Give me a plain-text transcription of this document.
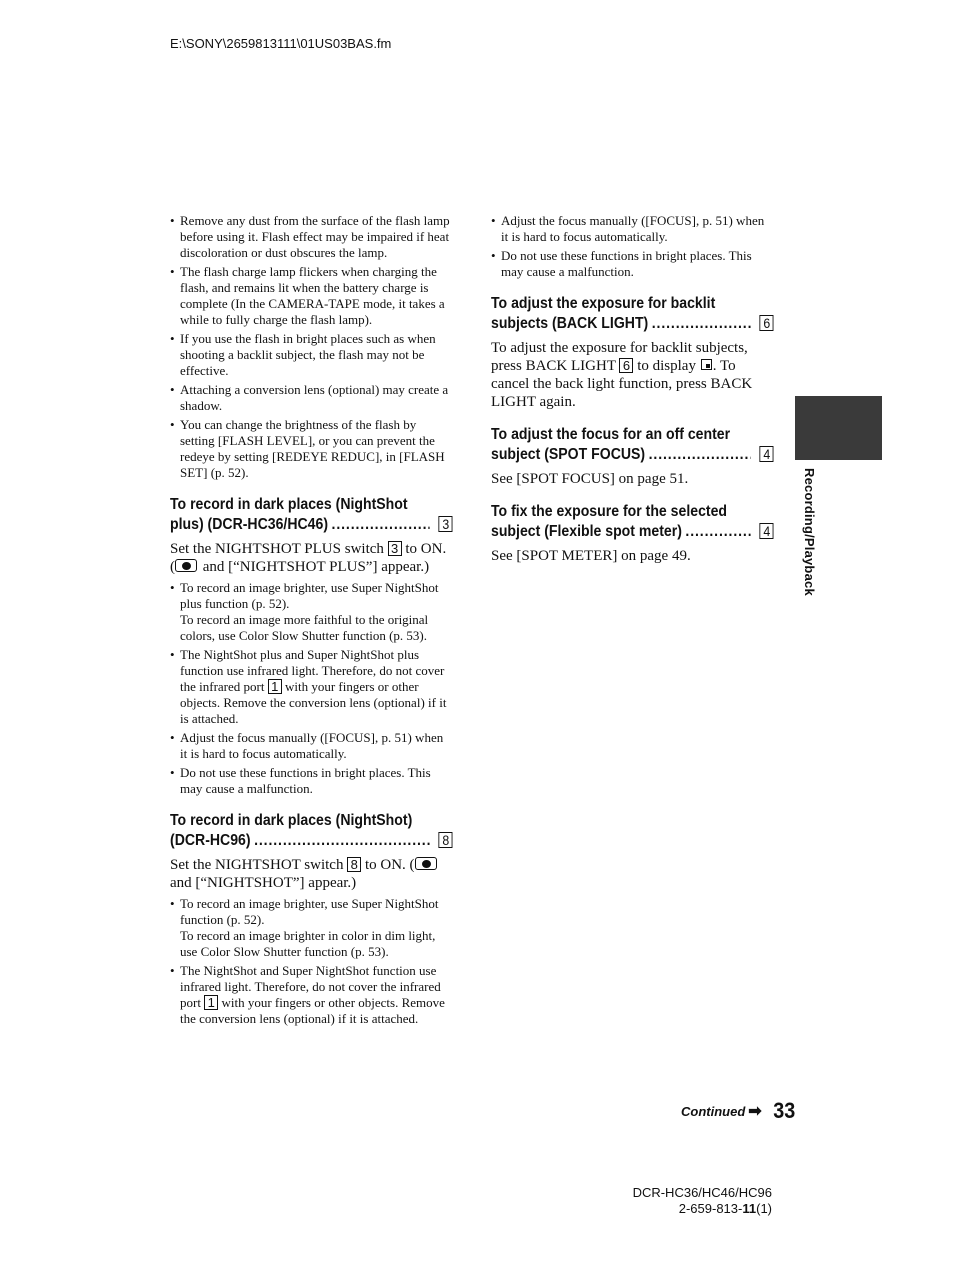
E:\SONY\2659813111\01US03BAS.fm
• Remove any dust from the surface of the flash lamp before using it. Flash effect may be impaired if heat discoloration or dust obscures the lamp.
• The flash charge lamp flickers when charging the flash, and remains lit when the battery charge is complete (In the CAMERA-TAPE mode, it takes a while to fully charge the flash lamp).
• If you use the flash in bright places such as when shooting a backlit subject, the flash may not be effective.
• Attaching a conversion lens (optional) may create a shadow.
• You can change the brightness of the flash by setting [FLASH LEVEL], or you can prevent the redeye by setting [REDEYE REDUC], in [FLASH SET] (p. 52).
To record in dark places (NightShot
plus) (DCR-HC36/HC46) .....	3

Set the NIGHTSHOT PLUS switch 3 to ON. ( and [“NIGHTSHOT PLUS”] appear.)

• To record an image brighter, use Super NightShot plus function (p. 52).
To record an image more faithful to the original colors, use Color Slow Shutter function (p. 53).
• The NightShot plus and Super NightShot plus function use infrared light. Therefore, do not cover the infrared port 1 with your fingers or other objects. Remove the conversion lens (optional) if it is attached.
• Adjust the focus manually ([FOCUS], p. 51) when it is hard to focus automatically.
• Do not use these functions in bright places. This may cause a malfunction.
To record in dark places (NightShot)
(DCR-HC96) .....	8

Set the NIGHTSHOT switch 8 to ON. ( and [“NIGHTSHOT”] appear.)

• To record an image brighter, use Super NightShot function (p. 52).
To record an image brighter in color in dim light, use Color Slow Shutter function (p. 53).
• The NightShot and Super NightShot function use infrared light. Therefore, do not cover the infrared port 1 with your fingers or other objects. Remove the conversion lens (optional) if it is attached.
• Adjust the focus manually ([FOCUS], p. 51) when it is hard to focus automatically.
• Do not use these functions in bright places. This may cause a malfunction.
To adjust the exposure for backlit
subjects (BACK LIGHT) .....	6

To adjust the exposure for backlit subjects, press BACK LIGHT 6 to display . To cancel the back light function, press BACK LIGHT again.

To adjust the focus for an off center
subject (SPOT FOCUS) .....	4

See [SPOT FOCUS] on page 51.

To fix the exposure for the selected
subject (Flexible spot meter) .....	4

See [SPOT METER] on page 49.	Recording/Playback
Continued ➡ 33
DCR-HC36/HC46/HC96
2-659-813-11(1)
